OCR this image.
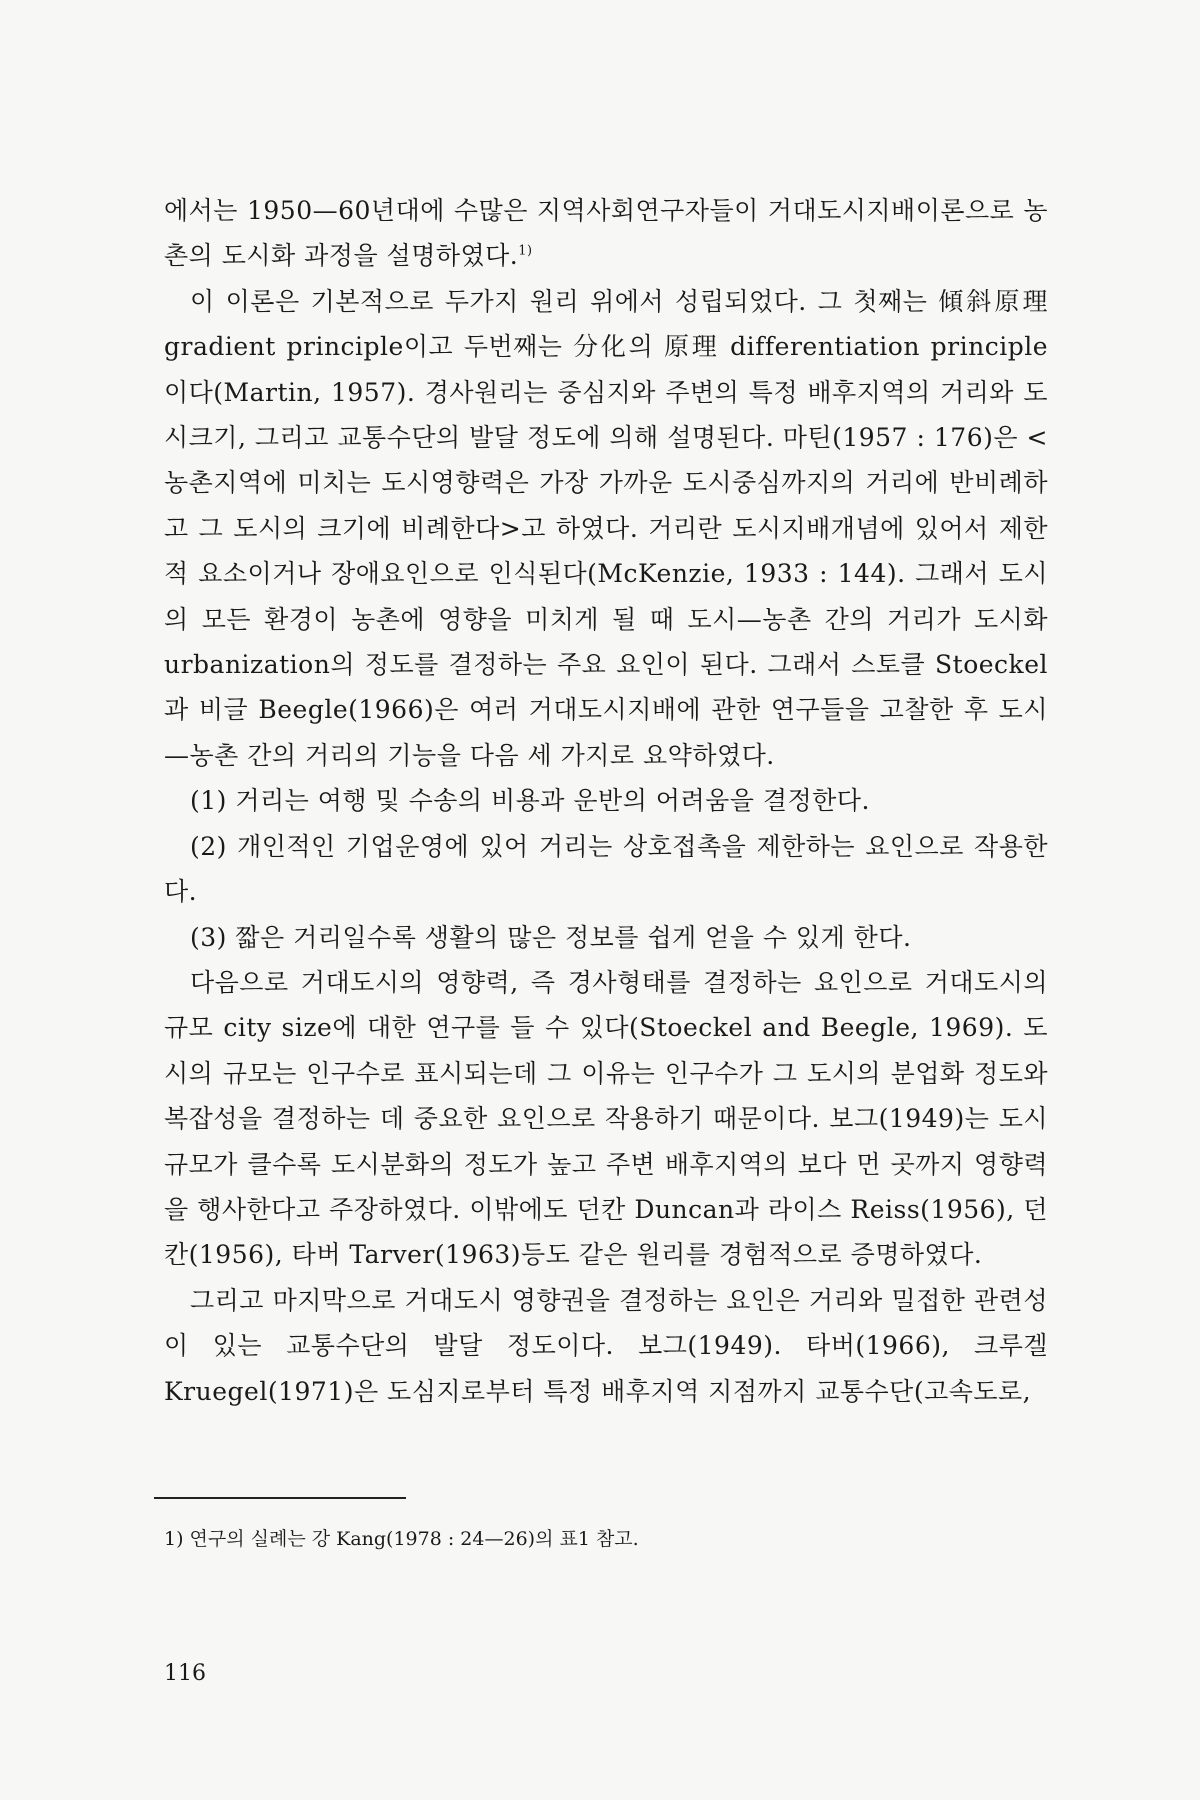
에서는 1950—60년대에 수많은 지역사회연구자들이 거대도시지배이론으로 농촌의 도시화 과정을 설명하였다.$^{1)}$

이 이론은 기본적으로 두가지 원리 위에서 성립되었다. 그 첫째는 傾斜原理 gradient principle이고 두번째는 分化의 原理 differentiation principle이다(Martin, 1957). 경사원리는 중심지와 주변의 특정 배후지역의 거리와 도시크기, 그리고 교통수단의 발달 정도에 의해 설명된다. 마틴(1957 : 176)은 <농촌지역에 미치는 도시영향력은 가장 가까운 도시중심까지의 거리에 반비례하고 그 도시의 크기에 비례한다>고 하였다. 거리란 도시지배개념에 있어서 제한적 요소이거나 장애요인으로 인식된다(McKenzie, 1933 : 144). 그래서 도시의 모든 환경이 농촌에 영향을 미치게 될 때 도시—농촌 간의 거리가 도시화 urbanization의 정도를 결정하는 주요 요인이 된다. 그래서 스토클 Stoeckel과 비글 Beegle(1966)은 여러 거대도시지배에 관한 연구들을 고찰한 후 도시—농촌 간의 거리의 기능을 다음 세 가지로 요약하였다.

(1) 거리는 여행 및 수송의 비용과 운반의 어려움을 결정한다.

(2) 개인적인 기업운영에 있어 거리는 상호접촉을 제한하는 요인으로 작용한다.

(3) 짧은 거리일수록 생활의 많은 정보를 쉽게 얻을 수 있게 한다.

다음으로 거대도시의 영향력, 즉 경사형태를 결정하는 요인으로 거대도시의 규모 city size에 대한 연구를 들 수 있다(Stoeckel and Beegle, 1969). 도시의 규모는 인구수로 표시되는데 그 이유는 인구수가 그 도시의 분업화 정도와 복잡성을 결정하는 데 중요한 요인으로 작용하기 때문이다. 보그(1949)는 도시규모가 클수록 도시분화의 정도가 높고 주변 배후지역의 보다 먼 곳까지 영향력을 행사한다고 주장하였다. 이밖에도 던칸 Duncan과 라이스 Reiss(1956), 던칸(1956), 타버 Tarver(1963)등도 같은 원리를 경험적으로 증명하였다.

그리고 마지막으로 거대도시 영향권을 결정하는 요인은 거리와 밀접한 관련성이 있는 교통수단의 발달 정도이다. 보그(1949). 타버(1966), 크루겔 Kruegel(1971)은 도심지로부터 특정 배후지역 지점까지 교통수단(고속도로,

1) 연구의 실례는 강 Kang(1978 : 24—26)의 표1 참고.
116
